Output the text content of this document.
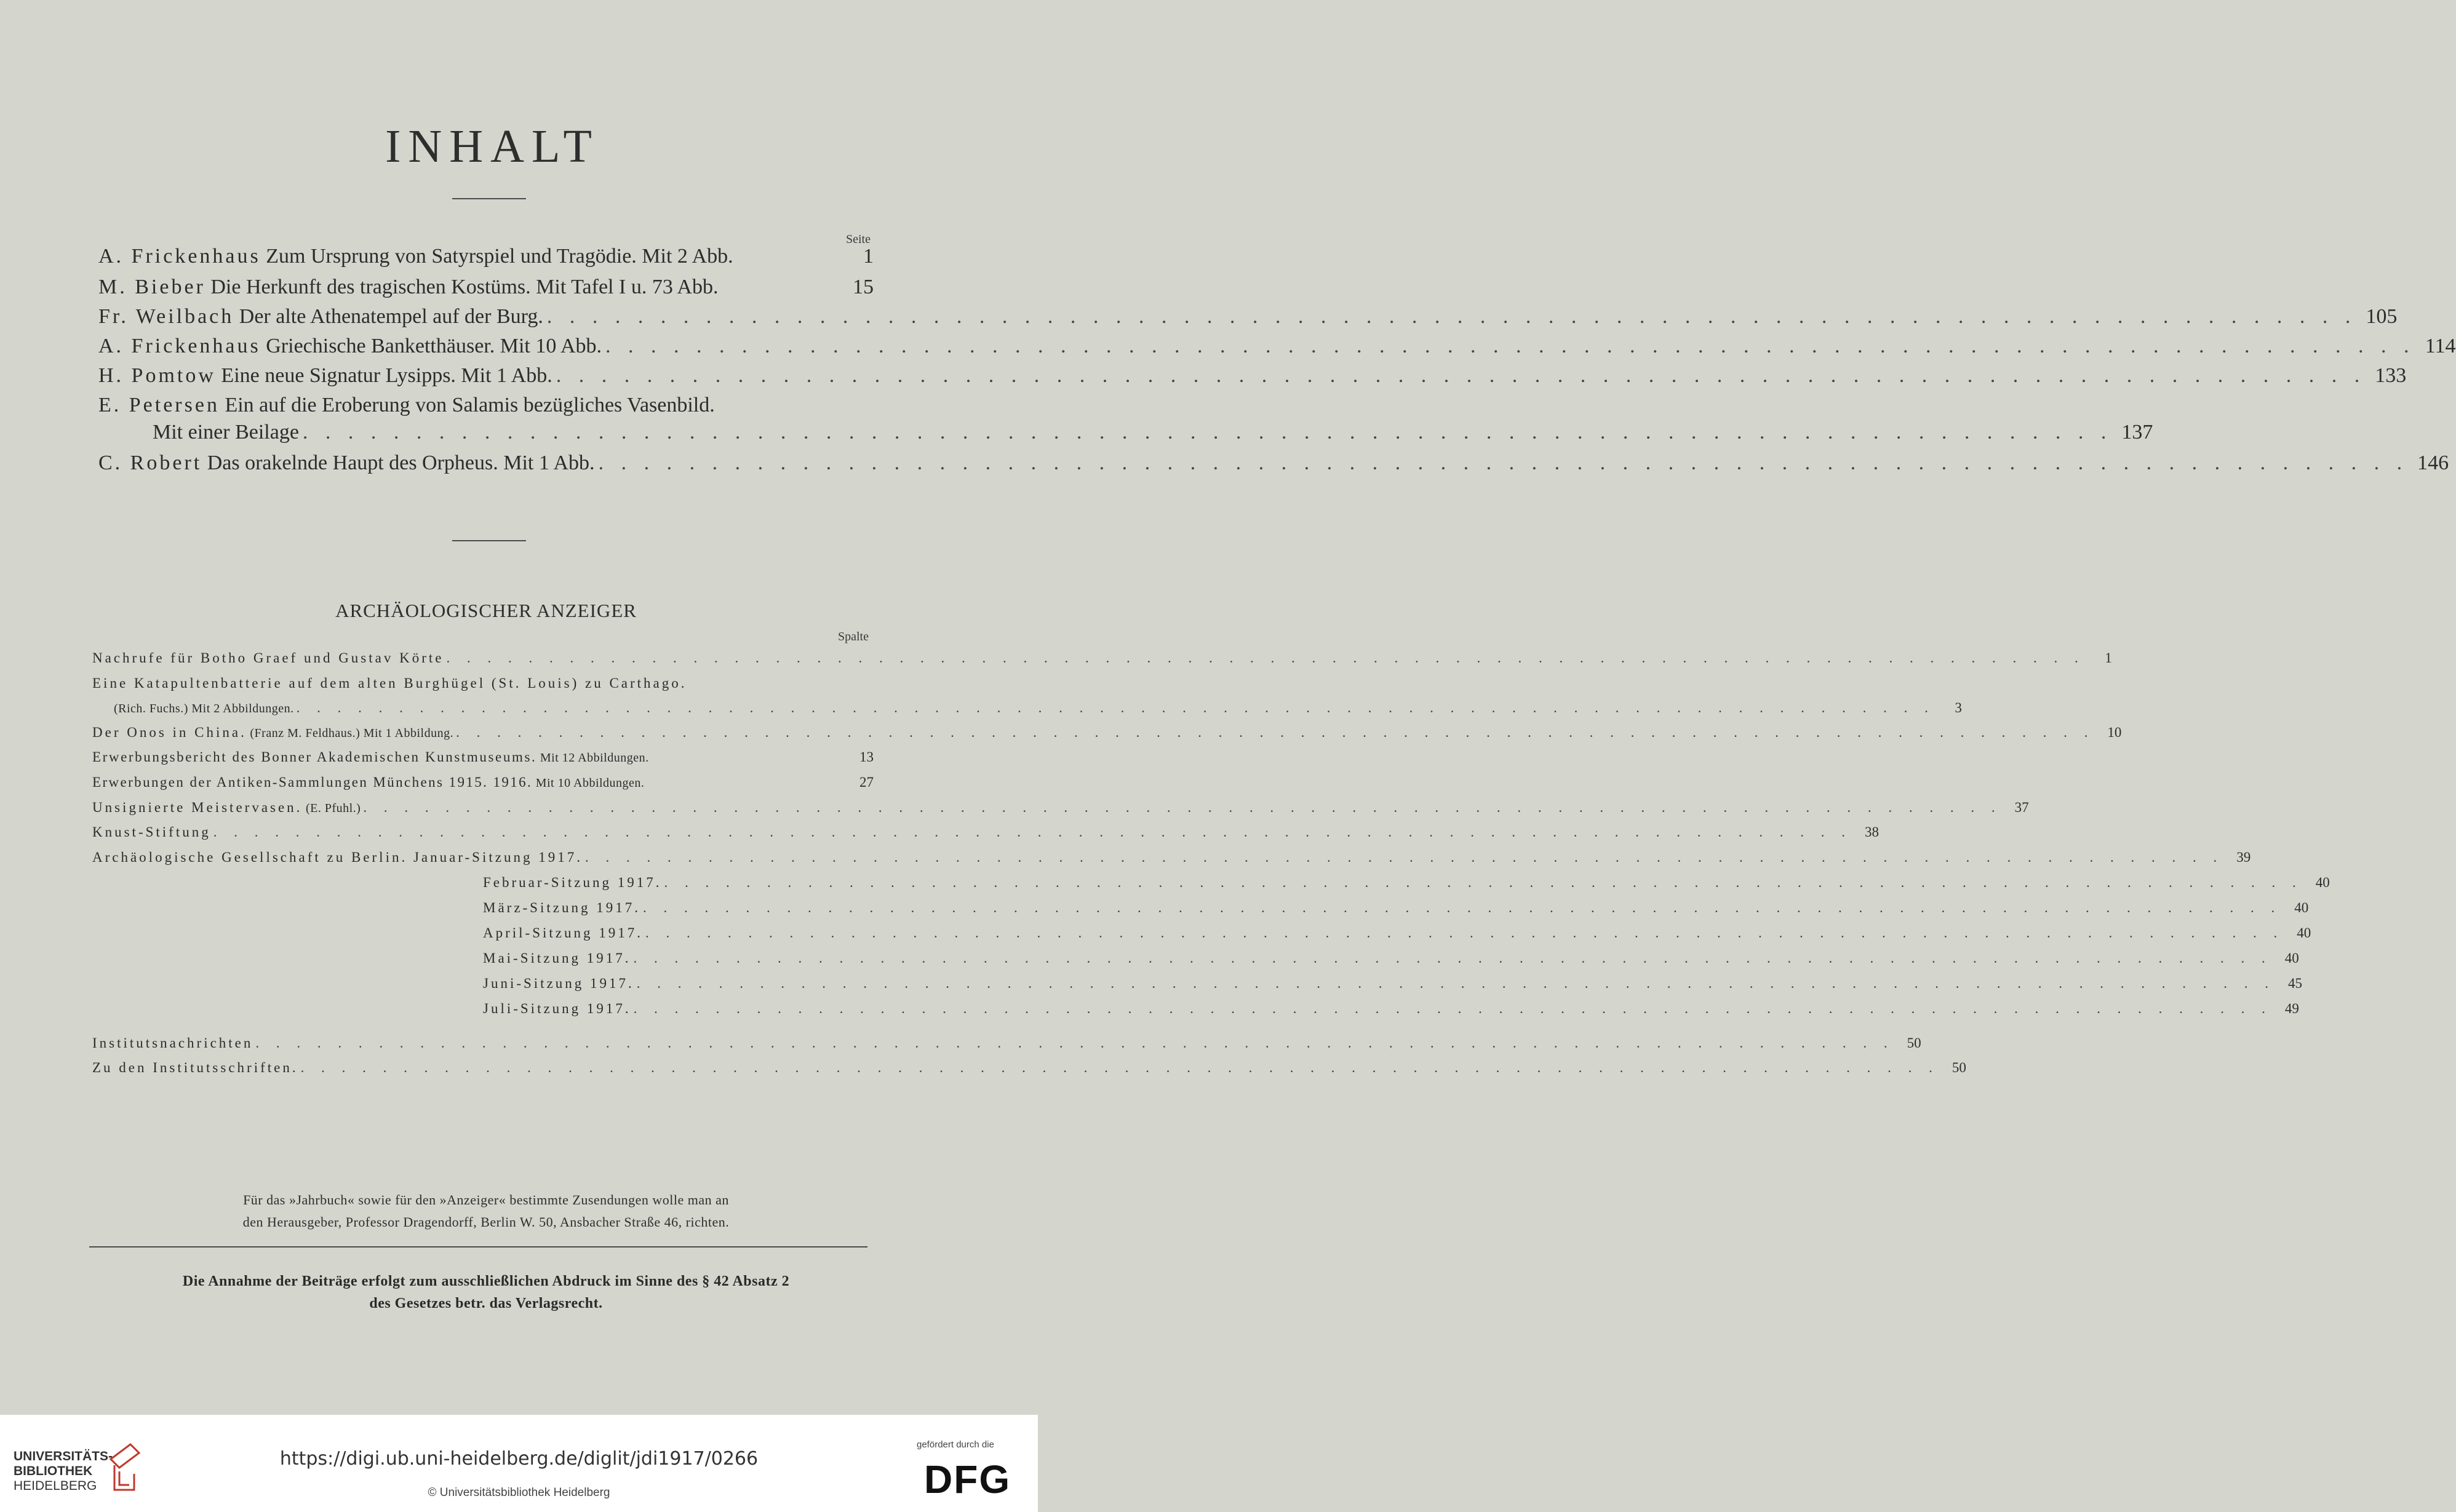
INHALT
Seite
A. Frickenhaus Zum Ursprung von Satyrspiel und Tragödie. Mit 2 Abb.	1
M. Bieber Die Herkunft des tragischen Kostüms. Mit Tafel I u. 73 Abb.	15
Fr. Weilbach Der alte Athenatempel auf der Burg. . . . . . . . . . . . . . . . . . . . . . . . . . . . . . . . . . . . . . . . . . . . . . . . . . . . . . . . . . . . . . . . . . . . . . . . . . . . . . . . . 105
A. Frickenhaus Griechische Banketthäuser. Mit 10 Abb. . . . . . . . . . . . . . . . . . . . . . . . . . . . . . . . . . . . . . . . . . . . . . . . . . . . . . . . . . . . . . . . . . . . . . . . . . . . . . . . . 114
H. Pomtow Eine neue Signatur Lysipps. Mit 1 Abb. . . . . . . . . . . . . . . . . . . . . . . . . . . . . . . . . . . . . . . . . . . . . . . . . . . . . . . . . . . . . . . . . . . . . . . . . . . . . . . . . 133
E. Petersen Ein auf die Eroberung von Salamis bezügliches Vasenbild.
Mit einer Beilage . . . . . . . . . . . . . . . . . . . . . . . . . . . . . . . . . . . . . . . . . . . . . . . . . . . . . . . . . . . . . . . . . . . . . . . . . . . . . . . . 137
C. Robert Das orakelnde Haupt des Orpheus. Mit 1 Abb. . . . . . . . . . . . . . . . . . . . . . . . . . . . . . . . . . . . . . . . . . . . . . . . . . . . . . . . . . . . . . . . . . . . . . . . . . . . . . . . . 146
ARCHÄOLOGISCHER ANZEIGER
Spalte
Nachrufe für Botho Graef und Gustav Körte . . . . . . . . . . . . . . . . . . . . . . . . . . . . . . . . . . . . . . . . . . . . . . . . . . . . . . . . . . . . . . . . . . . . . . . . . . . . . . . .	1
Eine Katapultenbatterie auf dem alten Burghügel (St. Louis) zu Carthago.
(Rich. Fuchs.) Mit 2 Abbildungen. . . . . . . . . . . . . . . . . . . . . . . . . . . . . . . . . . . . . . . . . . . . . . . . . . . . . . . . . . . . . . . . . . . . . . . . . . . . . . . . .	3
Der Onos in China. (Franz M. Feldhaus.) Mit 1 Abbildung. . . . . . . . . . . . . . . . . . . . . . . . . . . . . . . . . . . . . . . . . . . . . . . . . . . . . . . . . . . . . . . . . . . . . . . . . . . . . . . . . 10
Erwerbungsbericht des Bonner Akademischen Kunstmuseums. Mit 12 Abbildungen.	13
Erwerbungen der Antiken-Sammlungen Münchens 1915. 1916. Mit 10 Abbildungen.	27
Unsignierte Meistervasen. (E. Pfuhl.) . . . . . . . . . . . . . . . . . . . . . . . . . . . . . . . . . . . . . . . . . . . . . . . . . . . . . . . . . . . . . . . . . . . . . . . . . . . . . . . . 37
Knust-Stiftung . . . . . . . . . . . . . . . . . . . . . . . . . . . . . . . . . . . . . . . . . . . . . . . . . . . . . . . . . . . . . . . . . . . . . . . . . . . . . . . . 38
Archäologische Gesellschaft zu Berlin. Januar-Sitzung 1917. . . . . . . . . . . . . . . . . . . . . . . . . . . . . . . . . . . . . . . . . . . . . . . . . . . . . . . . . . . . . . . . . . . . . . . . . . . . . . . . . 39
Februar-Sitzung 1917. . . . . . . . . . . . . . . . . . . . . . . . . . . . . . . . . . . . . . . . . . . . . . . . . . . . . . . . . . . . . . . . . . . . . . . . . . . . . . . . . 40
März-Sitzung 1917. . . . . . . . . . . . . . . . . . . . . . . . . . . . . . . . . . . . . . . . . . . . . . . . . . . . . . . . . . . . . . . . . . . . . . . . . . . . . . . . . 40
April-Sitzung 1917. . . . . . . . . . . . . . . . . . . . . . . . . . . . . . . . . . . . . . . . . . . . . . . . . . . . . . . . . . . . . . . . . . . . . . . . . . . . . . . . . 40
Mai-Sitzung 1917. . . . . . . . . . . . . . . . . . . . . . . . . . . . . . . . . . . . . . . . . . . . . . . . . . . . . . . . . . . . . . . . . . . . . . . . . . . . . . . . . 40
Juni-Sitzung 1917. . . . . . . . . . . . . . . . . . . . . . . . . . . . . . . . . . . . . . . . . . . . . . . . . . . . . . . . . . . . . . . . . . . . . . . . . . . . . . . . . 45
Juli-Sitzung 1917. . . . . . . . . . . . . . . . . . . . . . . . . . . . . . . . . . . . . . . . . . . . . . . . . . . . . . . . . . . . . . . . . . . . . . . . . . . . . . . . . 49
Institutsnachrichten . . . . . . . . . . . . . . . . . . . . . . . . . . . . . . . . . . . . . . . . . . . . . . . . . . . . . . . . . . . . . . . . . . . . . . . . . . . . . . . . 50
Zu den Institutsschriften. . . . . . . . . . . . . . . . . . . . . . . . . . . . . . . . . . . . . . . . . . . . . . . . . . . . . . . . . . . . . . . . . . . . . . . . . . . . . . . . . 50
Für das »Jahrbuch« sowie für den »Anzeiger« bestimmte Zusendungen wolle man an
den Herausgeber, Professor Dragendorff, Berlin W. 50, Ansbacher Straße 46, richten.
Die Annahme der Beiträge erfolgt zum ausschließlichen Abdruck im Sinne des § 42 Absatz 2
des Gesetzes betr. das Verlagsrecht.
UNIVERSITÄTS-
BIBLIOTHEK
HEIDELBERG
https://digi.ub.uni-heidelberg.de/diglit/jdi1917/0266
© Universitätsbibliothek Heidelberg
gefördert durch die
DFG
